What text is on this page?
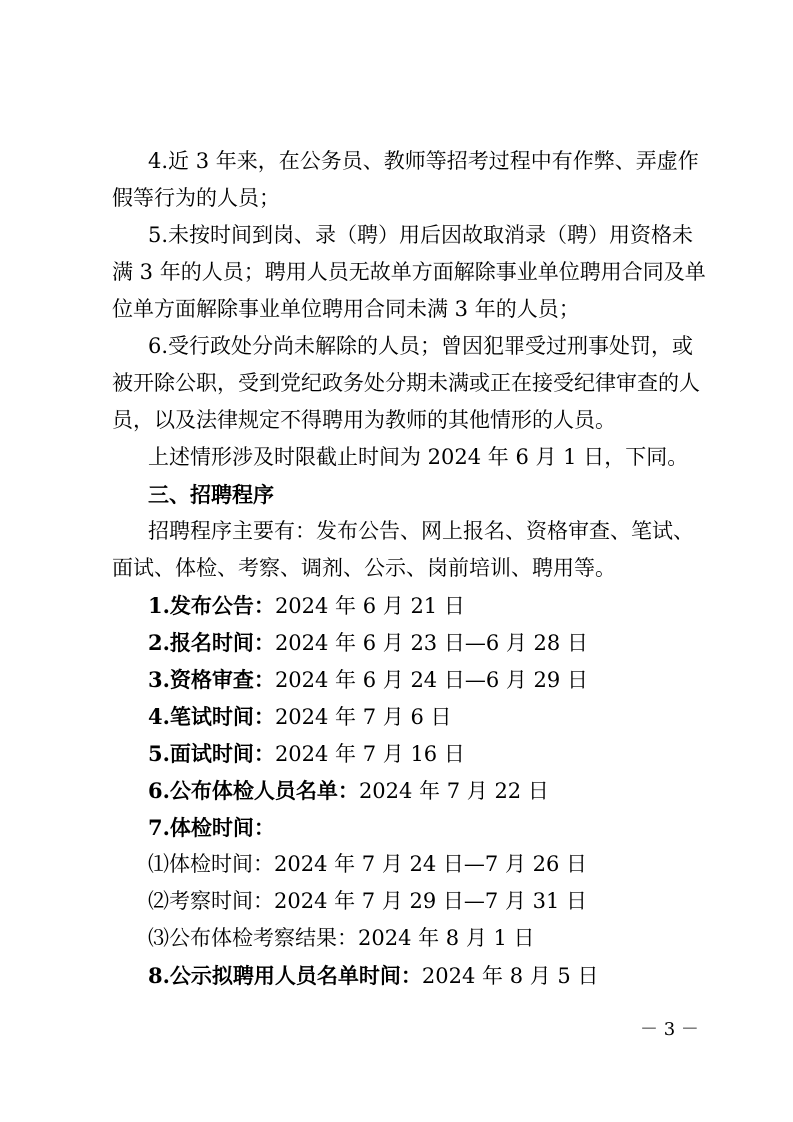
4.近 3 年来，在公务员、教师等招考过程中有作弊、弄虚作
假等行为的人员；
5.未按时间到岗、录（聘）用后因故取消录（聘）用资格未
满 3 年的人员；聘用人员无故单方面解除事业单位聘用合同及单
位单方面解除事业单位聘用合同未满 3 年的人员；
6.受行政处分尚未解除的人员；曾因犯罪受过刑事处罚，或
被开除公职，受到党纪政务处分期未满或正在接受纪律审查的人
员，以及法律规定不得聘用为教师的其他情形的人员。
上述情形涉及时限截止时间为 2024 年 6 月 1 日，下同。
三、招聘程序
招聘程序主要有：发布公告、网上报名、资格审查、笔试、
面试、体检、考察、调剂、公示、岗前培训、聘用等。
1.发布公告：2024 年 6 月 21 日
2.报名时间：2024 年 6 月 23 日—6 月 28 日
3.资格审查：2024 年 6 月 24 日—6 月 29 日
4.笔试时间：2024 年 7 月 6 日
5.面试时间：2024 年 7 月 16 日
6.公布体检人员名单：2024 年 7 月 22 日
7.体检时间：
⑴体检时间：2024 年 7 月 24 日—7 月 26 日
⑵考察时间：2024 年 7 月 29 日—7 月 31 日
⑶公布体检考察结果：2024 年 8 月 1 日
8.公示拟聘用人员名单时间：2024 年 8 月 5 日
－ 3 －
